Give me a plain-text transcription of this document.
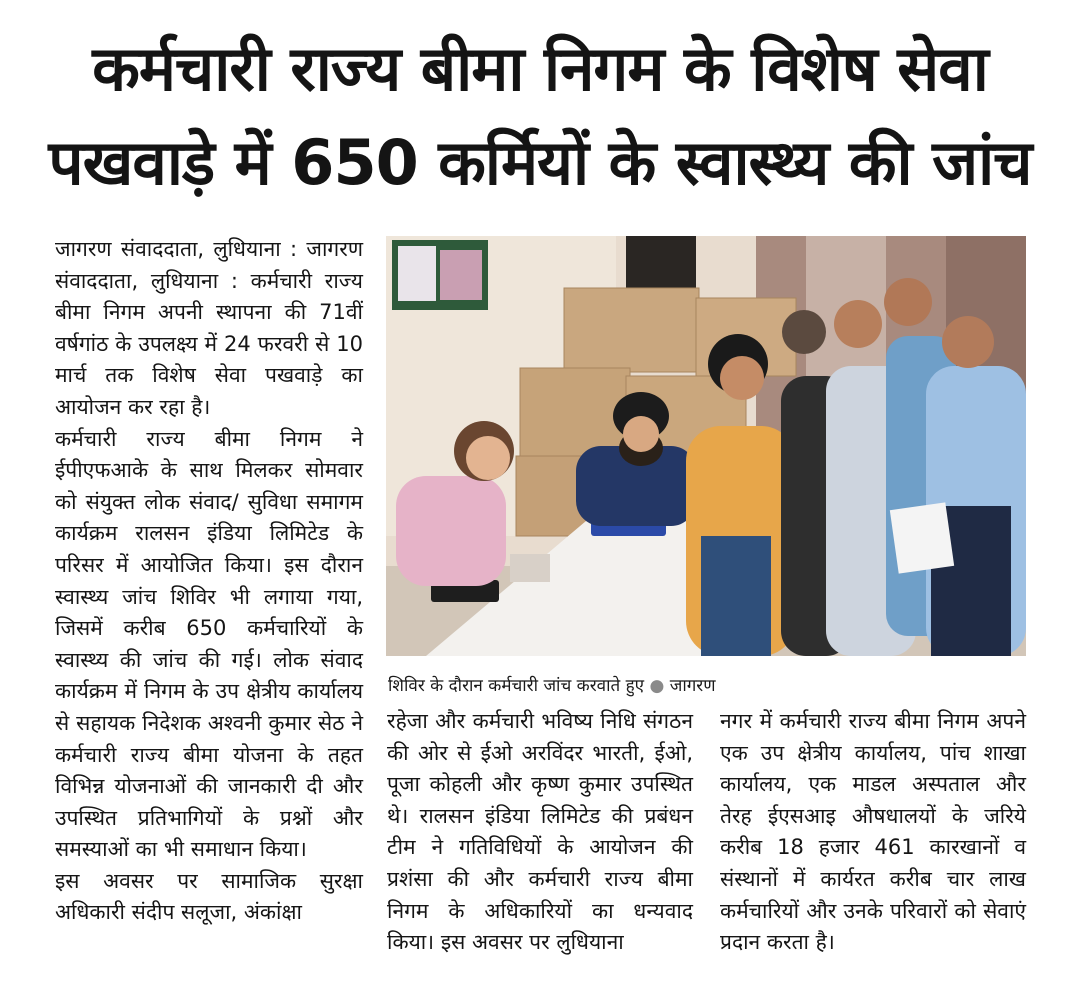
कर्मचारी राज्य बीमा निगम के विशेष सेवा
पखवाड़े में 650 कर्मियों के स्वास्थ्य की जांच

जागरण संवाददाता, लुधियाना : जागरण संवाददाता, लुधियाना : कर्मचारी राज्य बीमा निगम अपनी स्थापना की 71वीं वर्षगांठ के उपलक्ष्य में 24 फरवरी से 10 मार्च तक विशेष सेवा पखवाड़े का आयोजन कर रहा है।

कर्मचारी राज्य बीमा निगम ने ईपीएफआके के साथ मिलकर सोमवार को संयुक्त लोक संवाद/ सुविधा समागम कार्यक्रम रालसन इंडिया लिमिटेड के परिसर में आयोजित किया। इस दौरान स्वास्थ्य जांच शिविर भी लगाया गया, जिसमें करीब 650 कर्मचारियों के स्वास्थ्य की जांच की गई। लोक संवाद कार्यक्रम में निगम के उप क्षेत्रीय कार्यालय से सहायक निदेशक अश्वनी कुमार सेठ ने कर्मचारी राज्य बीमा योजना के तहत विभिन्न योजनाओं की जानकारी दी और उपस्थित प्रतिभागियों के प्रश्नों और समस्याओं का भी समाधान किया।

इस अवसर पर सामाजिक सुरक्षा अधिकारी संदीप सलूजा, अंकांक्षा

शिविर के दौरान कर्मचारी जांच करवाते हुए ● जागरण

रहेजा और कर्मचारी भविष्य निधि संगठन की ओर से ईओ अरविंदर भारती, ईओ, पूजा कोहली और कृष्ण कुमार उपस्थित थे। रालसन इंडिया लिमिटेड की प्रबंधन टीम ने गतिविधियों के आयोजन की प्रशंसा की और कर्मचारी राज्य बीमा निगम के अधिकारियों का धन्यवाद किया। इस अवसर पर लुधियाना

नगर में कर्मचारी राज्य बीमा निगम अपने एक उप क्षेत्रीय कार्यालय, पांच शाखा कार्यालय, एक माडल अस्पताल और तेरह ईएसआइ औषधालयों के जरिये करीब 18 हजार 461 कारखानों व संस्थानों में कार्यरत करीब चार लाख कर्मचारियों और उनके परिवारों को सेवाएं प्रदान करता है।
